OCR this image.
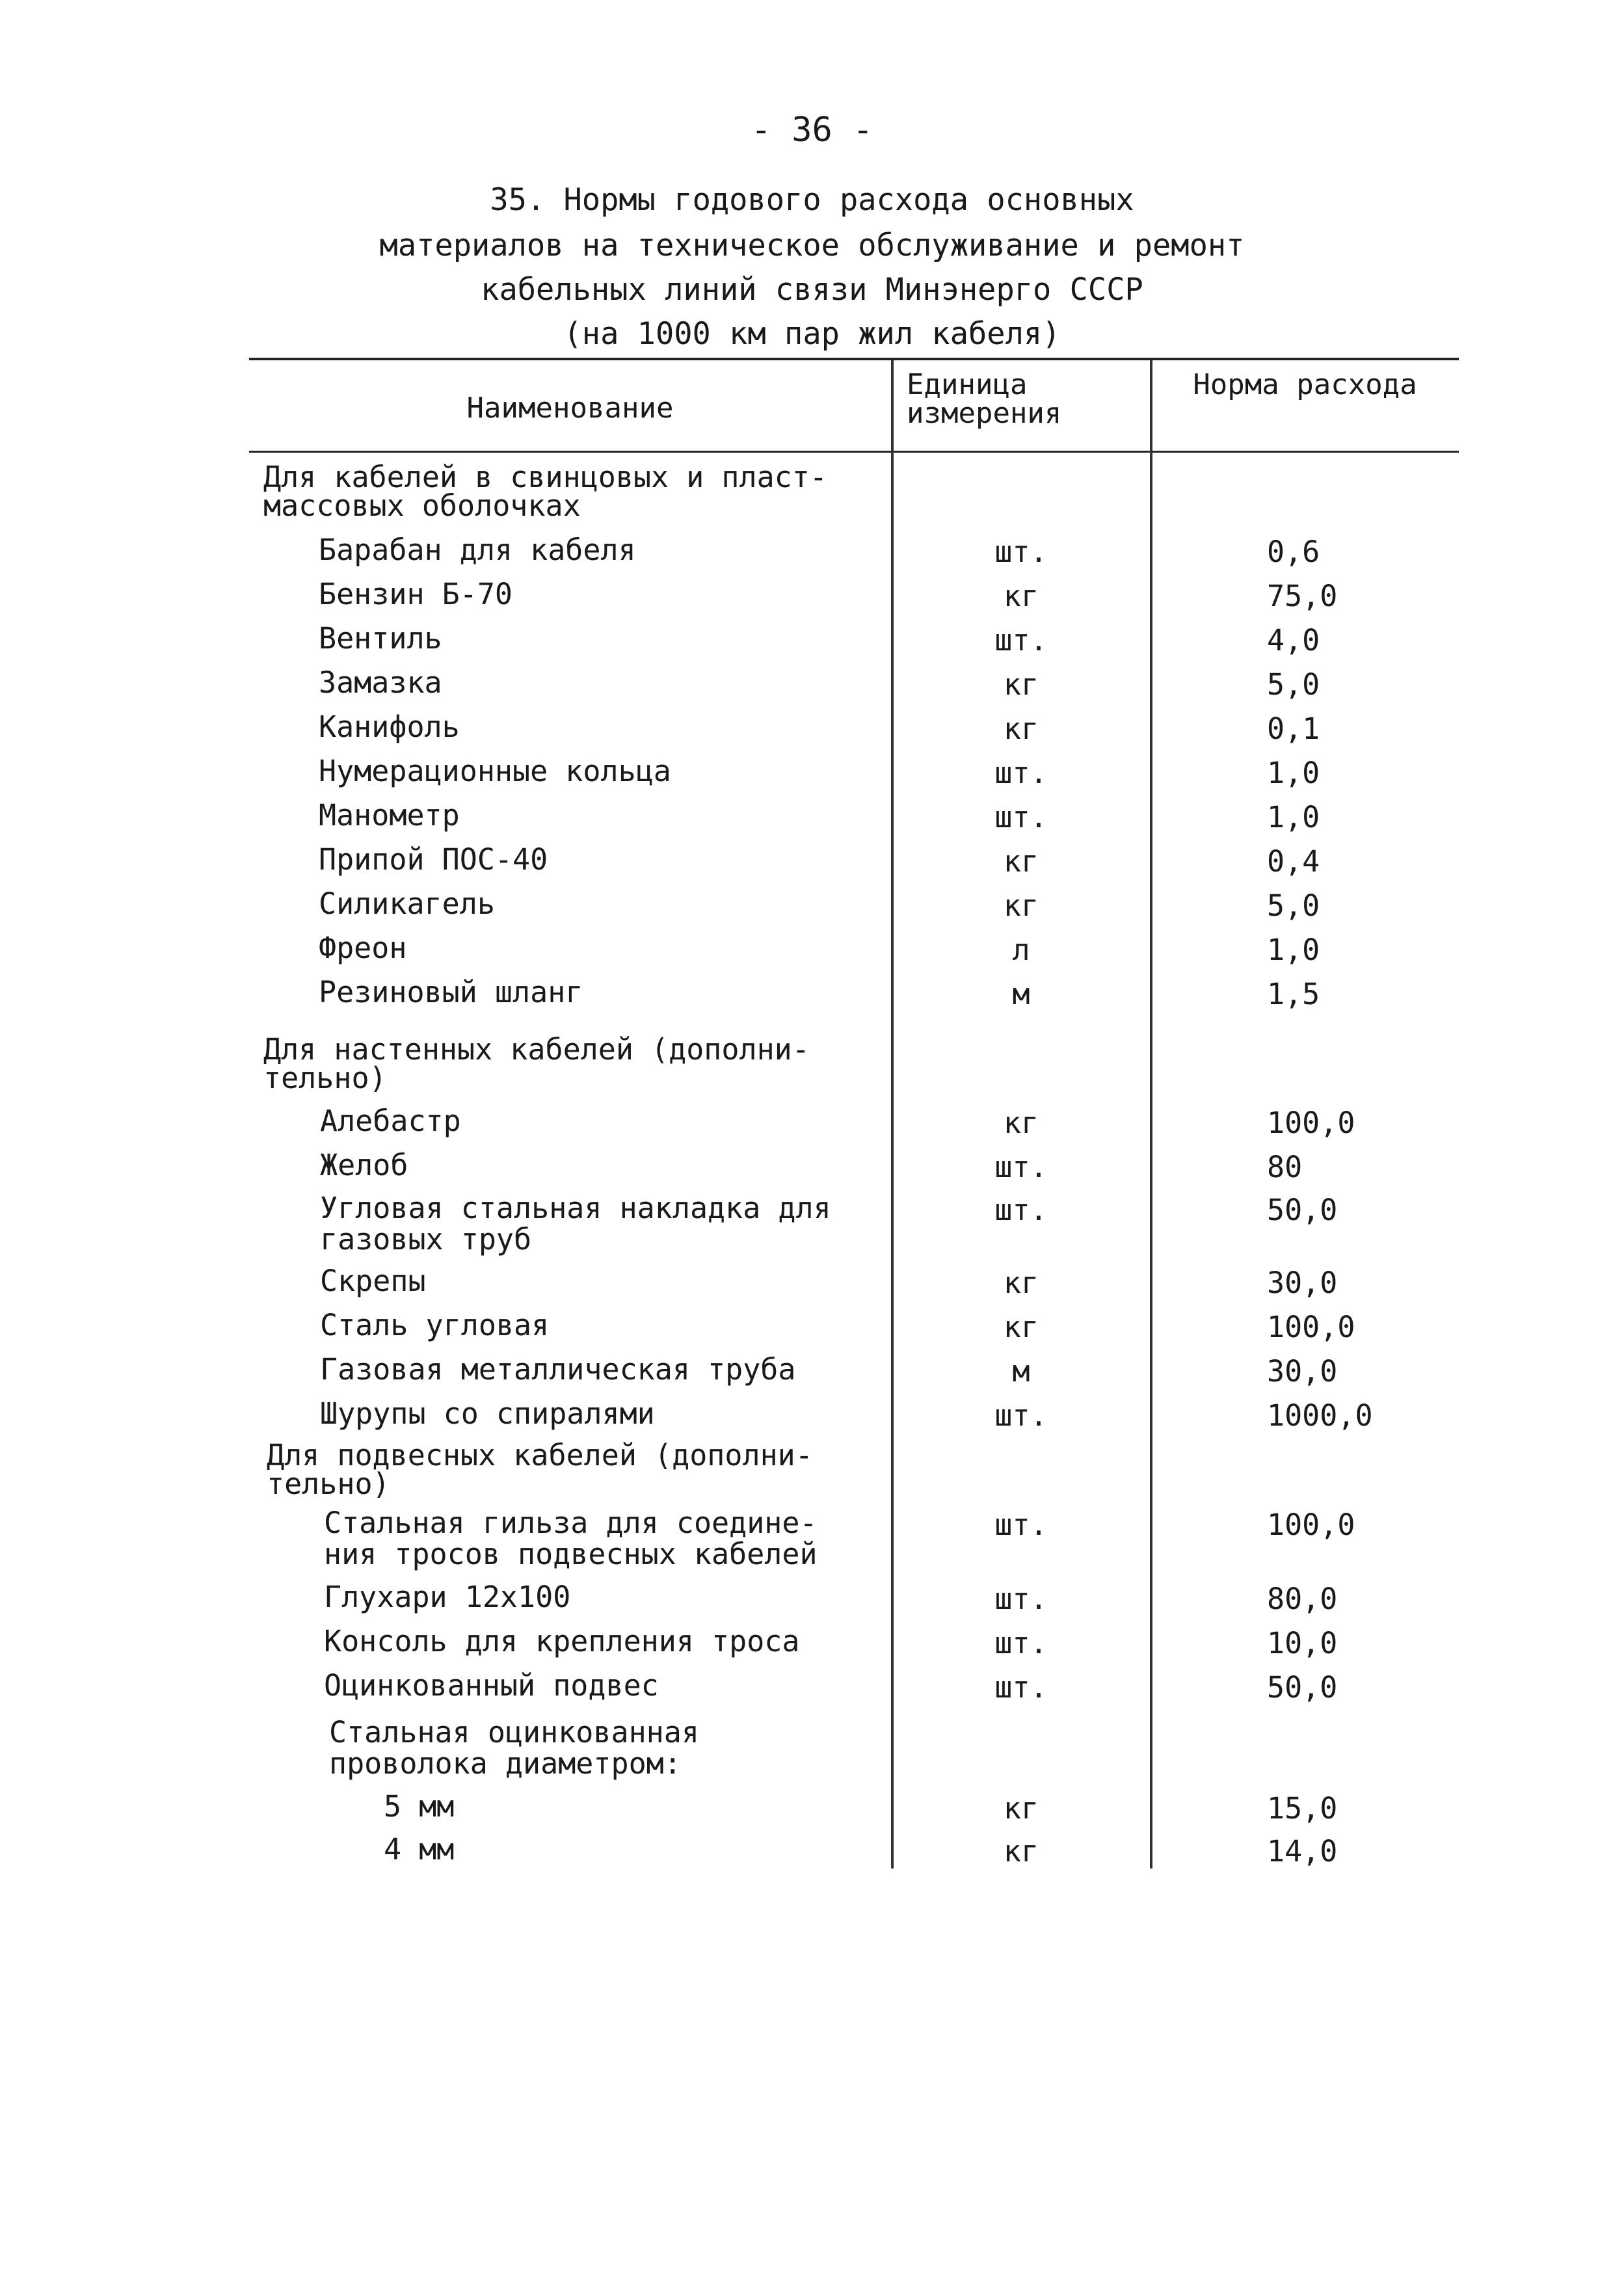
- 36 -
35. Нормы годового расхода основных
материалов на техническое обслуживание и ремонт
кабельных линий связи Минэнерго СССР
(на 1000 км пар жил кабеля)
Наименование
Единица
измерения
Норма расхода
Для кабелей в свинцовых и пласт-
массовых оболочках
Барабан для кабеля	шт.	0,6
Бензин Б-70	кг	75,0
Вентиль	шт.	4,0
Замазка	кг	5,0
Канифоль	кг	0,1
Нумерационные кольца	шт.	1,0
Манометр	шт.	1,0
Припой ПОС-40	кг	0,4
Силикагель	кг	5,0
Фреон	л	1,0
Резиновый шланг	м	1,5
Для настенных кабелей (дополни-
тельно)
Алебастр	кг	100,0
Желоб	шт.	80
Угловая стальная накладка для
газовых труб
шт.	50,0
Скрепы	кг	30,0
Сталь угловая	кг	100,0
Газовая металлическая труба	м	30,0
Шурупы со спиралями	шт.	1000,0
Для подвесных кабелей (дополни-
тельно)
Стальная гильза для соедине-
ния тросов подвесных кабелей
шт.	100,0
Глухари 12х100	шт.	80,0
Консоль для крепления троса	шт.	10,0
Оцинкованный подвес	шт.	50,0
Стальная оцинкованная
проволока диаметром:
5 мм	кг	15,0
4 мм	кг	14,0
